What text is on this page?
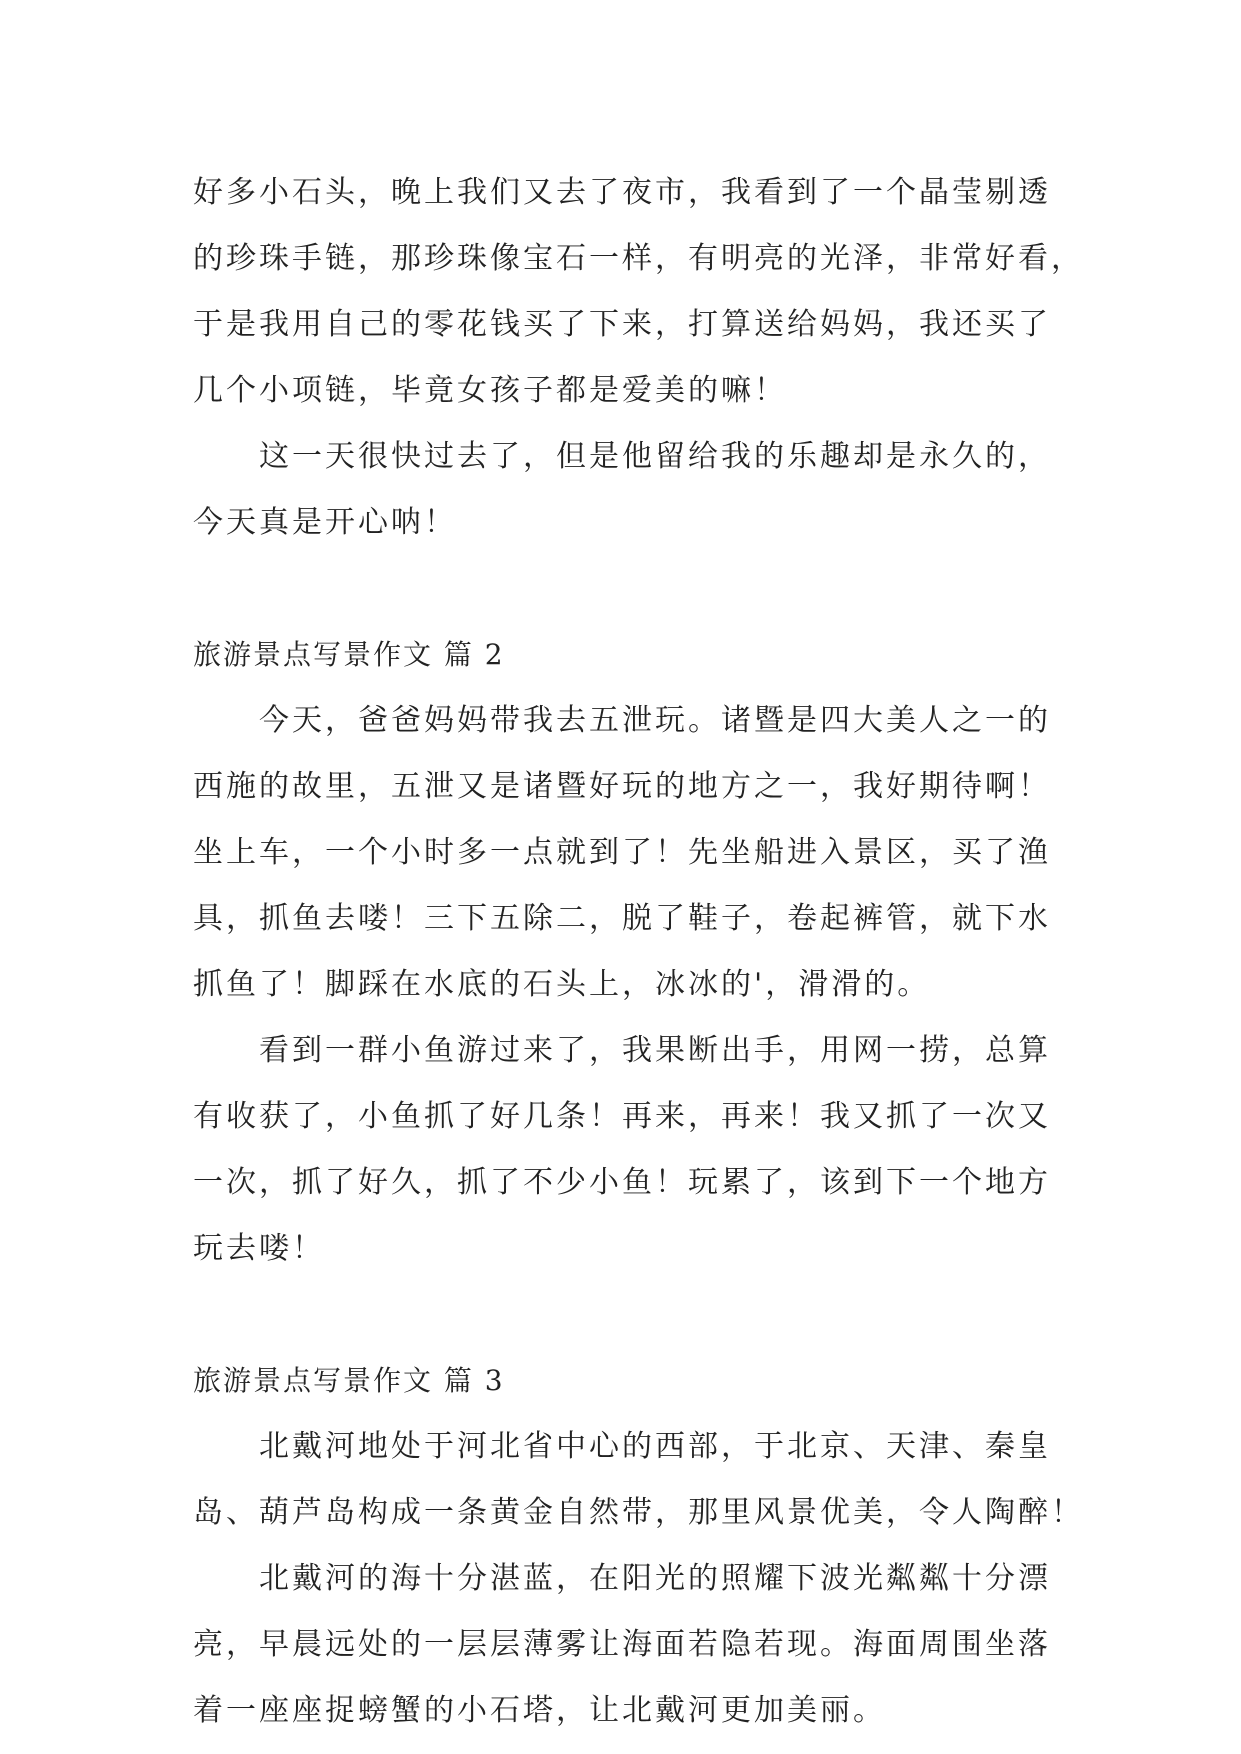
好多小石头，晚上我们又去了夜市，我看到了一个晶莹剔透
的珍珠手链，那珍珠像宝石一样，有明亮的光泽，非常好看，
于是我用自己的零花钱买了下来，打算送给妈妈，我还买了
几个小项链，毕竟女孩子都是爱美的嘛！
这一天很快过去了，但是他留给我的乐趣却是永久的，
今天真是开心呐！
旅游景点写景作文 篇 2
今天，爸爸妈妈带我去五泄玩。诸暨是四大美人之一的
西施的故里，五泄又是诸暨好玩的地方之一，我好期待啊！
坐上车，一个小时多一点就到了！先坐船进入景区，买了渔
具，抓鱼去喽！三下五除二，脱了鞋子，卷起裤管，就下水
抓鱼了！脚踩在水底的石头上，冰冰的'，滑滑的。
看到一群小鱼游过来了，我果断出手，用网一捞，总算
有收获了，小鱼抓了好几条！再来，再来！我又抓了一次又
一次，抓了好久，抓了不少小鱼！玩累了，该到下一个地方
玩去喽！
旅游景点写景作文 篇 3
北戴河地处于河北省中心的西部，于北京、天津、秦皇
岛、葫芦岛构成一条黄金自然带，那里风景优美，令人陶醉！
北戴河的海十分湛蓝，在阳光的照耀下波光粼粼十分漂
亮，早晨远处的一层层薄雾让海面若隐若现。海面周围坐落
着一座座捉螃蟹的小石塔，让北戴河更加美丽。
